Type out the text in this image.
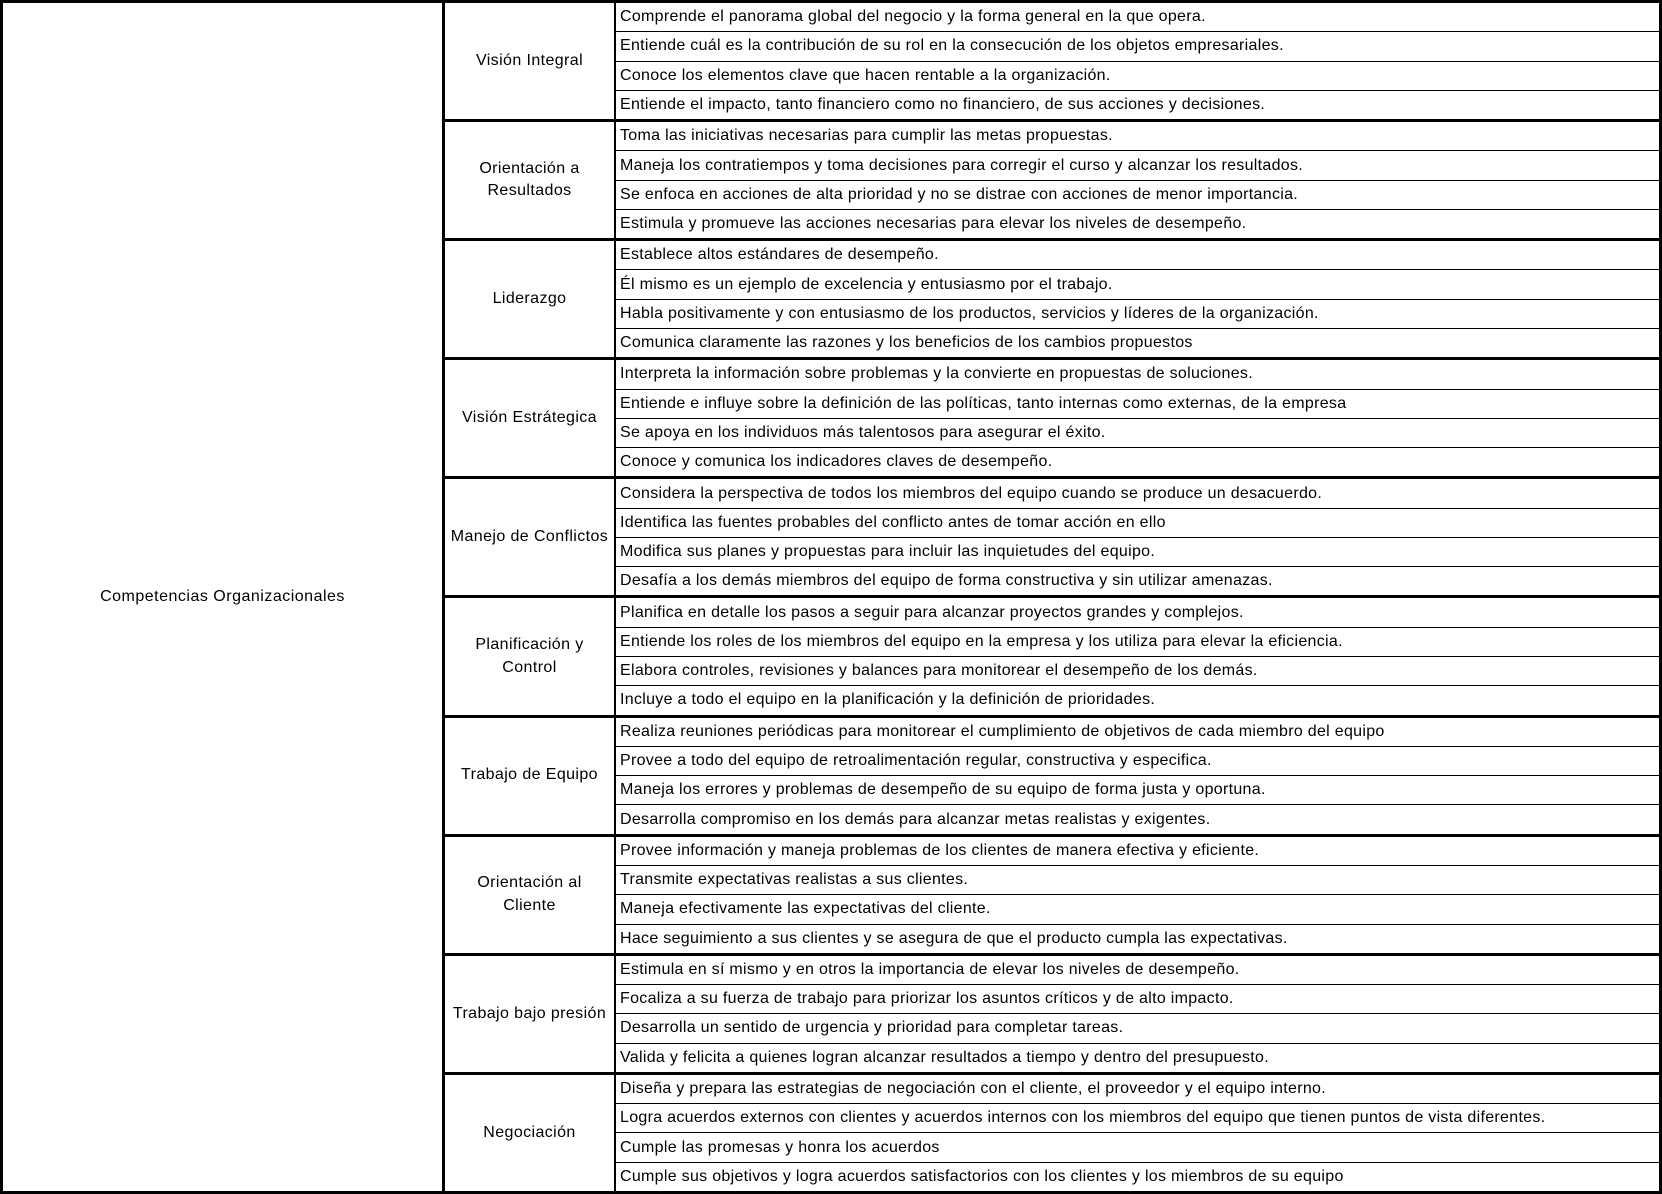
Competencias Organizacionales
Visión Integral
Comprende el panorama global del negocio y la forma general en la que opera.
Entiende cuál es la contribución de su rol en la consecución de los objetos empresariales.
Conoce los elementos clave que hacen rentable a la organización.
Entiende el impacto, tanto financiero como no financiero, de sus acciones y decisiones.
Orientación a Resultados
Toma las iniciativas necesarias para cumplir las metas propuestas.
Maneja los contratiempos y toma decisiones para corregir el curso y alcanzar los resultados.
Se enfoca en acciones de alta prioridad y no se distrae con acciones de menor importancia.
Estimula y promueve las acciones necesarias para elevar los niveles de desempeño.
Liderazgo
Establece altos estándares de desempeño.
Él mismo es un ejemplo de excelencia y entusiasmo por el trabajo.
Habla positivamente y con entusiasmo de los productos, servicios y líderes de la organización.
Comunica claramente las razones y los beneficios de los cambios propuestos
Visión Estrátegica
Interpreta la información sobre problemas y la convierte en propuestas de soluciones.
Entiende e influye sobre la definición de las políticas, tanto internas como externas, de la empresa
Se apoya en los individuos más talentosos para asegurar el éxito.
Conoce y comunica los indicadores claves de desempeño.
Manejo de Conflictos
Considera la perspectiva de todos los miembros del equipo cuando se produce un desacuerdo.
Identifica las fuentes probables del conflicto antes de tomar acción en ello
Modifica sus planes y propuestas para incluir las inquietudes del equipo.
Desafía a los demás miembros del equipo de forma constructiva y sin utilizar amenazas.
Planificación y Control
Planifica en detalle los pasos a seguir para alcanzar proyectos grandes y complejos.
Entiende los roles de los miembros del equipo en la empresa y los utiliza para elevar la eficiencia.
Elabora controles, revisiones y balances para monitorear el desempeño de los demás.
Incluye a todo el equipo en la planificación y la definición de prioridades.
Trabajo de Equipo
Realiza reuniones periódicas para monitorear el cumplimiento de objetivos de cada miembro del equipo
Provee a todo del equipo de retroalimentación regular, constructiva y especifica.
Maneja los errores y problemas de desempeño de su equipo de forma justa y oportuna.
Desarrolla compromiso en los demás para alcanzar metas realistas y exigentes.
Orientación al Cliente
Provee información y maneja problemas de los clientes de manera efectiva y eficiente.
Transmite expectativas realistas a sus clientes.
Maneja efectivamente las expectativas del cliente.
Hace seguimiento a sus clientes y se asegura de que el producto cumpla las expectativas.
Trabajo bajo presión
Estimula en sí mismo y en otros la importancia de elevar los niveles de desempeño.
Focaliza a su fuerza de trabajo para priorizar los asuntos críticos y de alto impacto.
Desarrolla un sentido de urgencia y prioridad para completar tareas.
Valida y felicita a quienes logran alcanzar resultados a tiempo y dentro del presupuesto.
Negociación
Diseña y prepara las estrategias de negociación con el cliente, el proveedor y el equipo interno.
Logra acuerdos externos con clientes y acuerdos internos con los miembros del equipo que tienen puntos de vista diferentes.
Cumple las promesas y honra los acuerdos
Cumple sus objetivos y logra acuerdos satisfactorios con los clientes y los miembros de su equipo
